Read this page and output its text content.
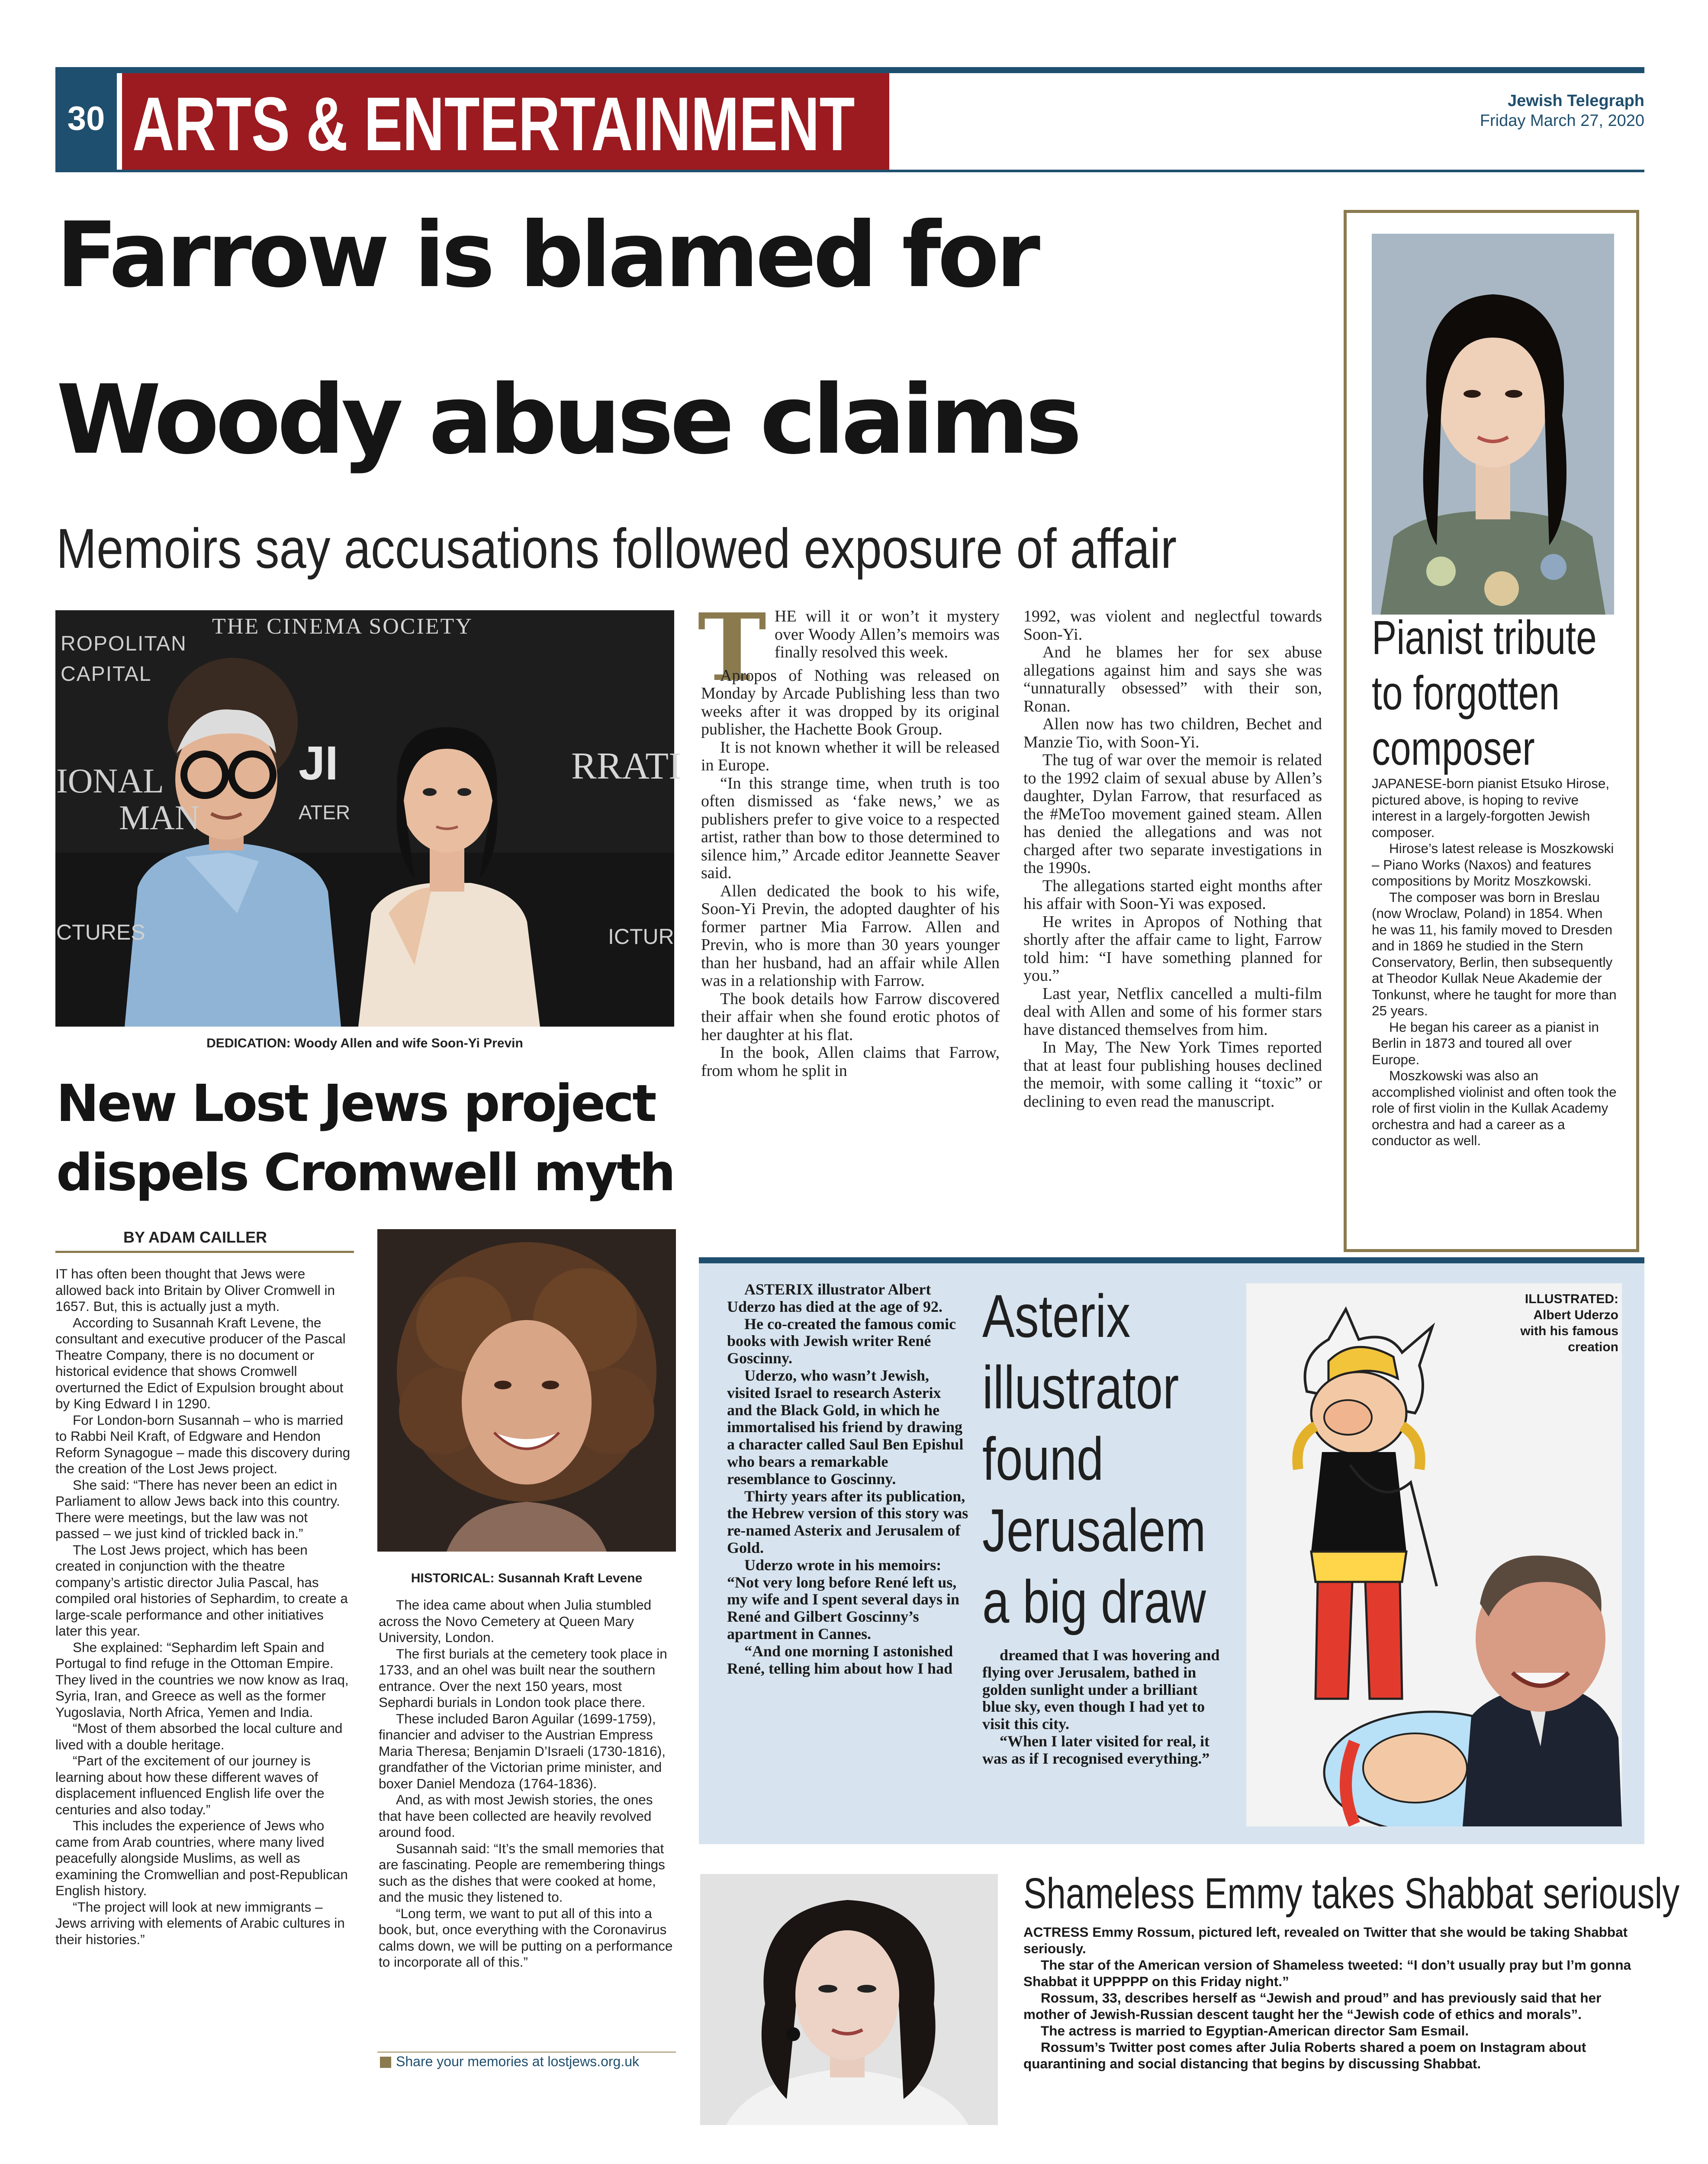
30 ARTS & ENTERTAINMENT	Jewish Telegraph
Friday March 27, 2020
Farrow is blamed for
Woody abuse claims
Memoirs say accusations followed exposure of affair
ROPOLITAN
CAPITAL
THE CINEMA SOCIETY
IONAL
MAN
JI
ATER
RRATI
CTURES	ICTUR
DEDICATION: Woody Allen and wife Soon-Yi Previn
T HE will it or won’t it mystery over Woody Allen’s memoirs was finally resolved this week.

Apropos of Nothing was released on Monday by Arcade Publishing less than two weeks after it was dropped by its original publisher, the Hachette Book Group.

It is not known whether it will be released in Europe.

“In this strange time, when truth is too often dismissed as ‘fake news,’ we as publishers prefer to give voice to a respected artist, rather than bow to those determined to silence him,” Arcade editor Jeannette Seaver said.

Allen dedicated the book to his wife, Soon-Yi Previn, the adopted daughter of his former partner Mia Farrow. Allen and Previn, who is more than 30 years younger than her husband, had an affair while Allen was in a relationship with Farrow.

The book details how Farrow discovered their affair when she found erotic photos of her daughter at his flat.

In the book, Allen claims that Farrow, from whom he split in

1992, was violent and neglectful towards Soon-Yi.

And he blames her for sex abuse allegations against him and says she was “unnaturally obsessed” with their son, Ronan.

Allen now has two children, Bechet and Manzie Tio, with Soon-Yi.

The tug of war over the memoir is related to the 1992 claim of sexual abuse by Allen’s daughter, Dylan Farrow, that resurfaced as the #MeToo movement gained steam. Allen has denied the allegations and was not charged after two separate investigations in the 1990s.

The allegations started eight months after his affair with Soon-Yi was exposed.

He writes in Apropos of Nothing that shortly after the affair came to light, Farrow told him: “I have something planned for you.”

Last year, Netflix cancelled a multi-film deal with Allen and some of his former stars have distanced themselves from him.

In May, The New York Times reported that at least four publishing houses declined the memoir, with some calling it “toxic” or declining to even read the manuscript.

Pianist tribute
to forgotten
composer

JAPANESE-born pianist Etsuko Hirose, pictured above, is hoping to revive interest in a largely-forgotten Jewish composer.

Hirose’s latest release is Moszkowski – Piano Works (Naxos) and features compositions by Moritz Moszkowski.

The composer was born in Breslau (now Wroclaw, Poland) in 1854. When he was 11, his family moved to Dresden and in 1869 he studied in the Stern Conservatory, Berlin, then subsequently at Theodor Kullak Neue Akademie der Tonkunst, where he taught for more than 25 years.

He began his career as a pianist in Berlin in 1873 and toured all over Europe.

Moszkowski was also an accomplished violinist and often took the role of first violin in the Kullak Academy orchestra and had a career as a conductor as well.

New Lost Jews project
dispels Cromwell myth
BY ADAM CAILLER

IT has often been thought that Jews were allowed back into Britain by Oliver Cromwell in 1657. But, this is actually just a myth.

According to Susannah Kraft Levene, the consultant and executive producer of the Pascal Theatre Company, there is no document or historical evidence that shows Cromwell overturned the Edict of Expulsion brought about by King Edward I in 1290.

For London-born Susannah – who is married to Rabbi Neil Kraft, of Edgware and Hendon Reform Synagogue – made this discovery during the creation of the Lost Jews project.

She said: “There has never been an edict in Parliament to allow Jews back into this country. There were meetings, but the law was not passed – we just kind of trickled back in.”

The Lost Jews project, which has been created in conjunction with the theatre company’s artistic director Julia Pascal, has compiled oral histories of Sephardim, to create a large-scale performance and other initiatives later this year.

She explained: “Sephardim left Spain and Portugal to find refuge in the Ottoman Empire. They lived in the countries we now know as Iraq, Syria, Iran, and Greece as well as the former Yugoslavia, North Africa, Yemen and India.

“Most of them absorbed the local culture and lived with a double heritage.

“Part of the excitement of our journey is learning about how these different waves of displacement influenced English life over the centuries and also today.”

This includes the experience of Jews who came from Arab countries, where many lived peacefully alongside Muslims, as well as examining the Cromwellian and post-Republican English history.

“The project will look at new immigrants – Jews arriving with elements of Arabic cultures in their histories.”

HISTORICAL: Susannah Kraft Levene

The idea came about when Julia stumbled across the Novo Cemetery at Queen Mary University, London.

The first burials at the cemetery took place in 1733, and an ohel was built near the southern entrance. Over the next 150 years, most Sephardi burials in London took place there.

These included Baron Aguilar (1699-1759), financier and adviser to the Austrian Empress Maria Theresa; Benjamin D’Israeli (1730-1816), grandfather of the Victorian prime minister, and boxer Daniel Mendoza (1764-1836).

And, as with most Jewish stories, the ones that have been collected are heavily revolved around food.

Susannah said: “It’s the small memories that are fascinating. People are remembering things such as the dishes that were cooked at home, and the music they listened to.

“Long term, we want to put all of this into a book, but, once everything with the Coronavirus calms down, we will be putting on a performance to incorporate all of this.”

Share your memories at lostjews.org.uk

ASTERIX illustrator Albert Uderzo has died at the age of 92.

He co-created the famous comic books with Jewish writer René Goscinny.

Uderzo, who wasn’t Jewish, visited Israel to research Asterix and the Black Gold, in which he immortalised his friend by drawing a character called Saul Ben Epishul who bears a remarkable resemblance to Goscinny.

Thirty years after its publication, the Hebrew version of this story was re-named Asterix and Jerusalem of Gold.

Uderzo wrote in his memoirs: “Not very long before René left us, my wife and I spent several days in René and Gilbert Goscinny’s apartment in Cannes.

“And one morning I astonished René, telling him about how I had

Asterix
illustrator
found
Jerusalem
a big draw

dreamed that I was hovering and flying over Jerusalem, bathed in golden sunlight under a brilliant blue sky, even though I had yet to visit this city.

“When I later visited for real, it was as if I recognised everything.”

ILLUSTRATED:
Albert Uderzo
with his famous
creation
Shameless Emmy takes Shabbat seriously

ACTRESS Emmy Rossum, pictured left, revealed on Twitter that she would be taking Shabbat seriously.

The star of the American version of Shameless tweeted: “I don’t usually pray but I’m gonna Shabbat it UPPPPP on this Friday night.”

Rossum, 33, describes herself as “Jewish and proud” and has previously said that her mother of Jewish-Russian descent taught her the “Jewish code of ethics and morals”.

The actress is married to Egyptian-American director Sam Esmail.

Rossum’s Twitter post comes after Julia Roberts shared a poem on Instagram about quarantining and social distancing that begins by discussing Shabbat.
